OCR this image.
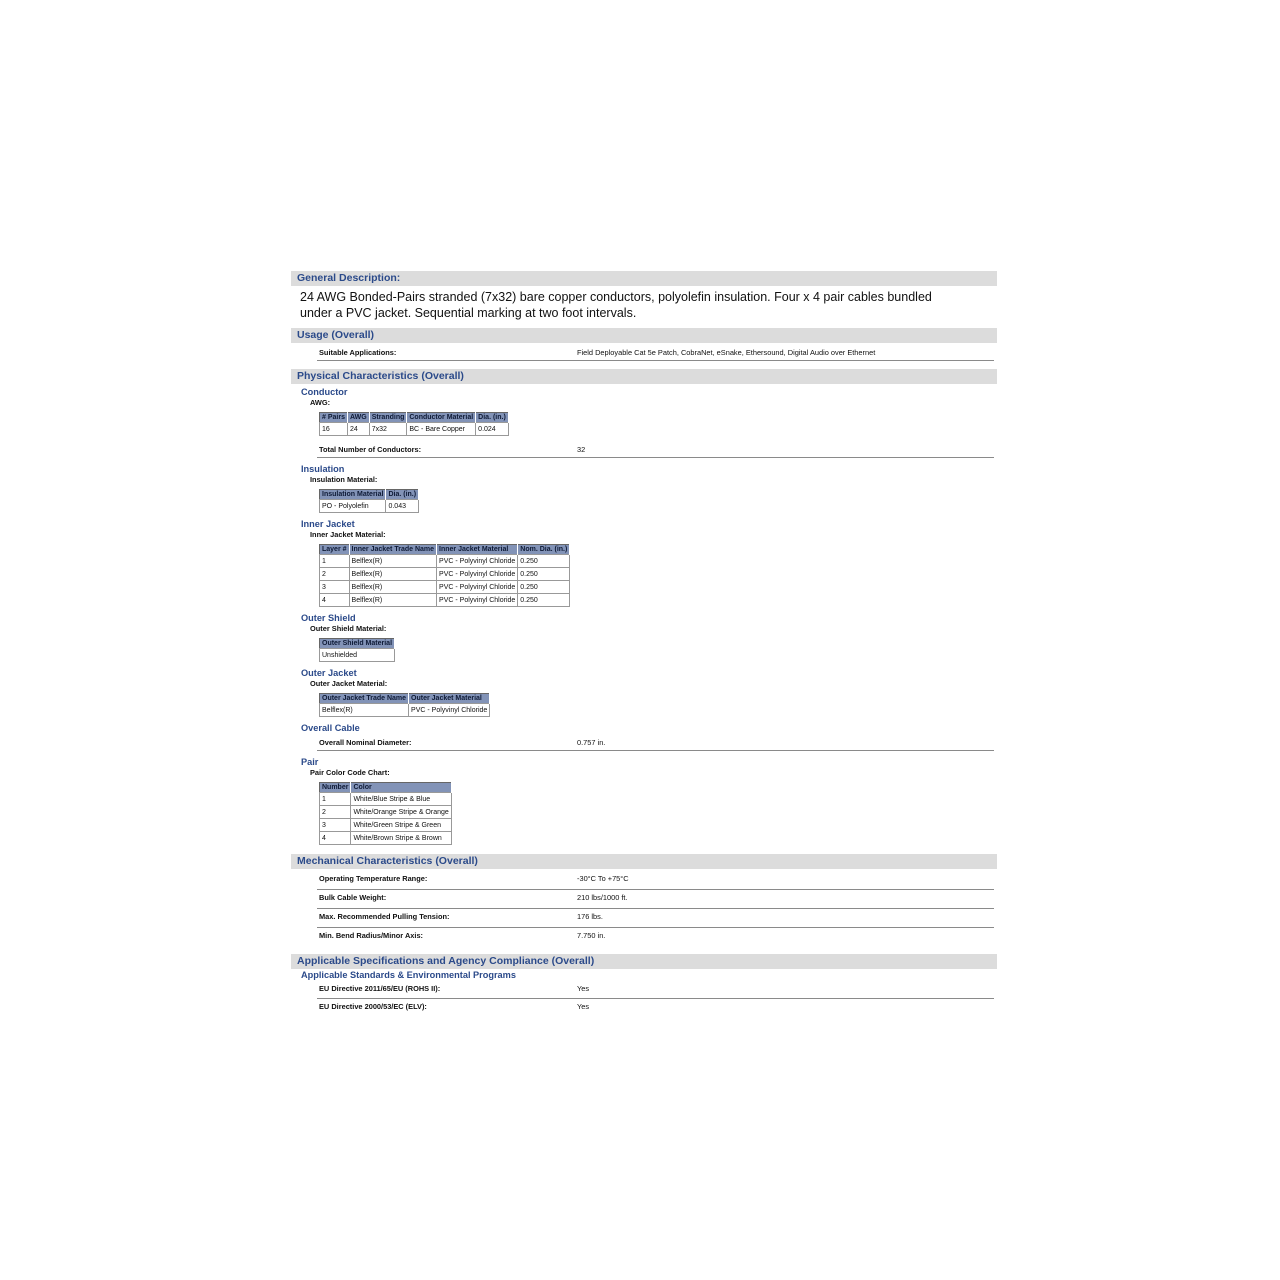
General Description:
24 AWG Bonded-Pairs stranded (7x32) bare copper conductors, polyolefin insulation. Four x 4 pair cables bundled under a PVC jacket. Sequential marking at two foot intervals.
Usage (Overall)
Suitable Applications:	Field Deployable Cat 5e Patch, CobraNet, eSnake, Ethersound, Digital Audio over Ethernet
Physical Characteristics (Overall)
Conductor
AWG:
# Pairs	AWG	Stranding	Conductor Material	Dia. (in.)
16	24	7x32	BC - Bare Copper	0.024
Total Number of Conductors:	32
Insulation
Insulation Material:
Insulation Material	Dia. (in.)
PO - Polyolefin	0.043
Inner Jacket
Inner Jacket Material:
Layer #	Inner Jacket Trade Name	Inner Jacket Material	Nom. Dia. (in.)
1	Belflex(R)	PVC - Polyvinyl Chloride	0.250
2	Belflex(R)	PVC - Polyvinyl Chloride	0.250
3	Belflex(R)	PVC - Polyvinyl Chloride	0.250
4	Belflex(R)	PVC - Polyvinyl Chloride	0.250
Outer Shield
Outer Shield Material:
Outer Shield Material
Unshielded
Outer Jacket
Outer Jacket Material:
Outer Jacket Trade Name	Outer Jacket Material
Belflex(R)	PVC - Polyvinyl Chloride
Overall Cable
Overall Nominal Diameter:	0.757 in.
Pair
Pair Color Code Chart:
Number	Color
1	White/Blue Stripe & Blue
2	White/Orange Stripe & Orange
3	White/Green Stripe & Green
4	White/Brown Stripe & Brown
Mechanical Characteristics (Overall)
Operating Temperature Range:	-30°C To +75°C
Bulk Cable Weight:	210 lbs/1000 ft.
Max. Recommended Pulling Tension:	176 lbs.
Min. Bend Radius/Minor Axis:	7.750 in.
Applicable Specifications and Agency Compliance (Overall)
Applicable Standards & Environmental Programs
EU Directive 2011/65/EU (ROHS II):	Yes
EU Directive 2000/53/EC (ELV):	Yes
